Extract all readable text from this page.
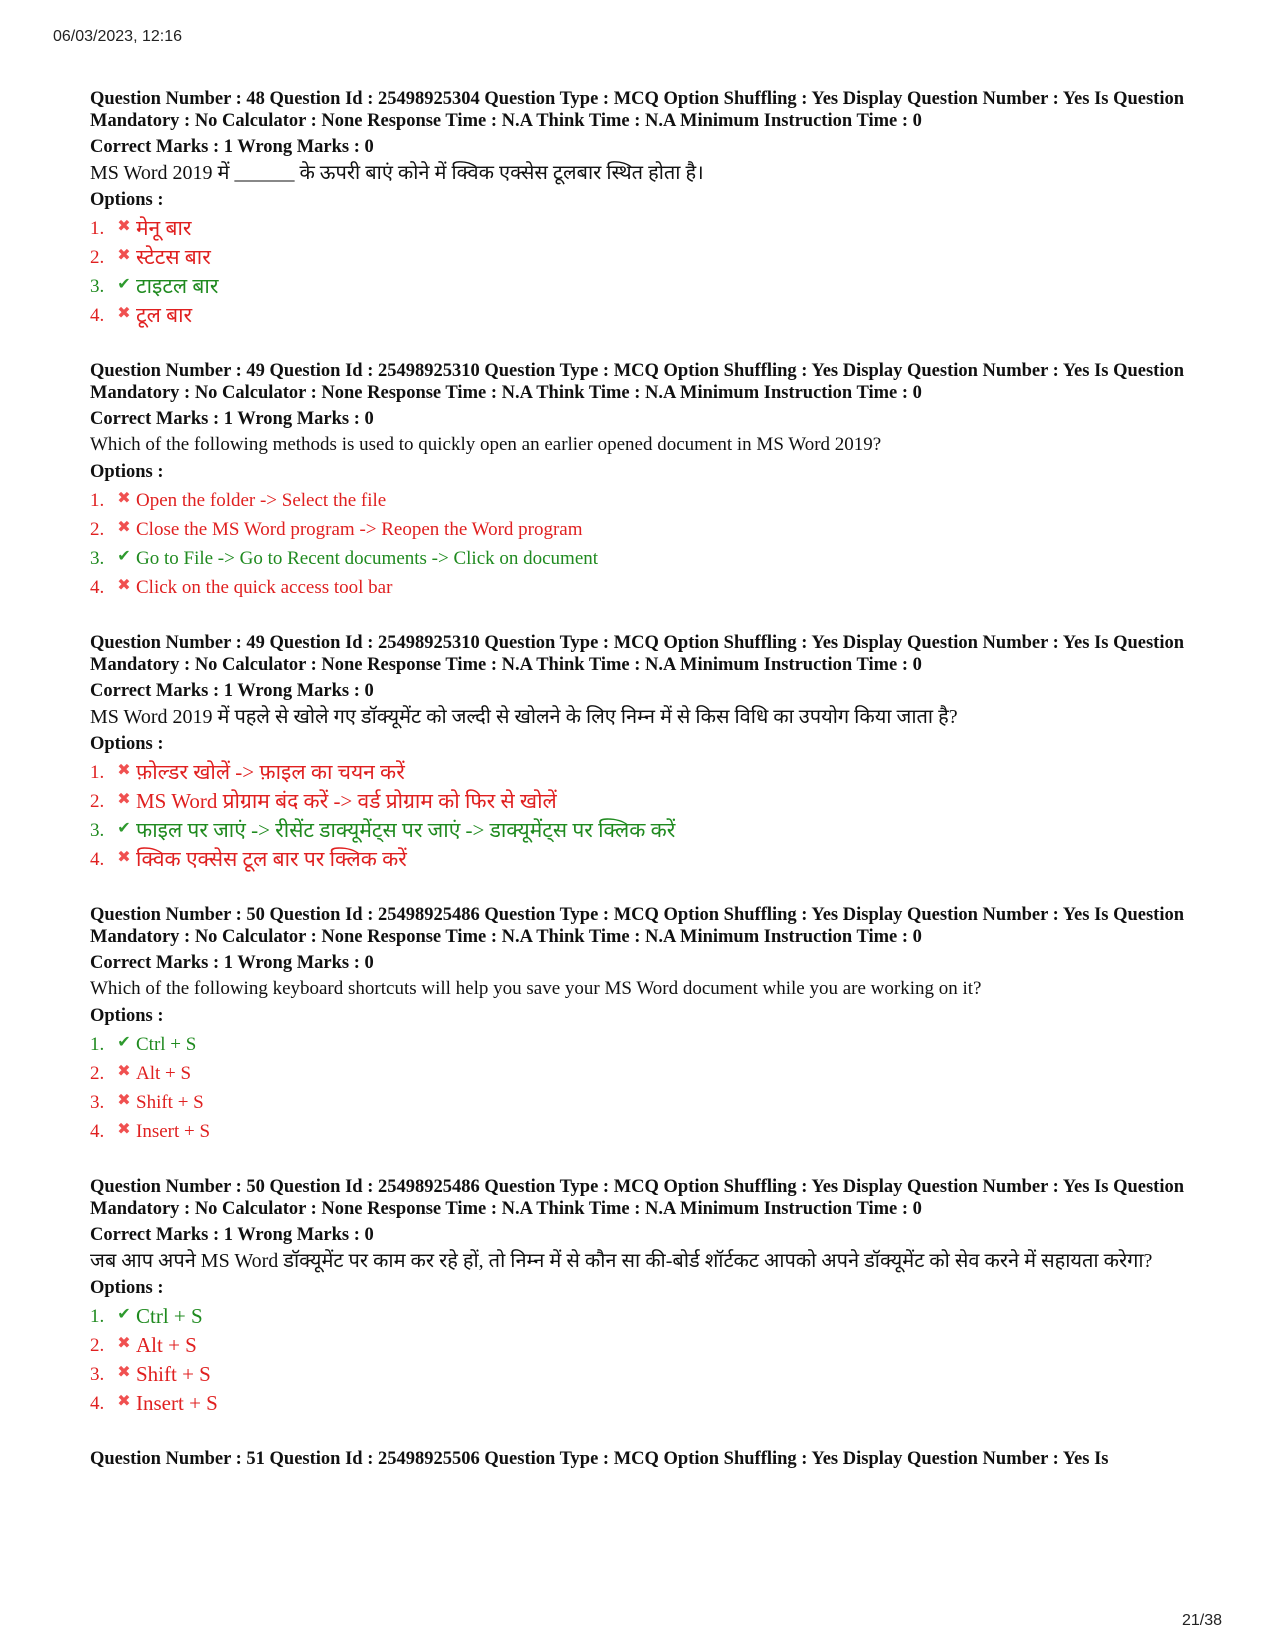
06/03/2023, 12:16
Question Number : 48 Question Id : 25498925304 Question Type : MCQ Option Shuffling : Yes Display Question Number : Yes Is Question Mandatory : No Calculator : None Response Time : N.A Think Time : N.A Minimum Instruction Time : 0
Correct Marks : 1 Wrong Marks : 0
MS Word 2019 में ______ के ऊपरी बाएं कोने में क्विक एक्सेस टूलबार स्थित होता है।
Options :
1. ✖ मेनू बार
2. ✖ स्टेटस बार
3. ✔ टाइटल बार
4. ✖ टूल बार
Question Number : 49 Question Id : 25498925310 Question Type : MCQ Option Shuffling : Yes Display Question Number : Yes Is Question Mandatory : No Calculator : None Response Time : N.A Think Time : N.A Minimum Instruction Time : 0
Correct Marks : 1 Wrong Marks : 0
Which of the following methods is used to quickly open an earlier opened document in MS Word 2019?
Options :
1. ✖ Open the folder -> Select the file
2. ✖ Close the MS Word program -> Reopen the Word program
3. ✔ Go to File -> Go to Recent documents -> Click on document
4. ✖ Click on the quick access tool bar
Question Number : 49 Question Id : 25498925310 Question Type : MCQ Option Shuffling : Yes Display Question Number : Yes Is Question Mandatory : No Calculator : None Response Time : N.A Think Time : N.A Minimum Instruction Time : 0
Correct Marks : 1 Wrong Marks : 0
MS Word 2019 में पहले से खोले गए डॉक्यूमेंट को जल्दी से खोलने के लिए निम्न में से किस विधि का उपयोग किया जाता है?
Options :
1. ✖ फ़ोल्डर खोलें -> फ़ाइल का चयन करें
2. ✖ MS Word प्रोग्राम बंद करें -> वर्ड प्रोग्राम को फिर से खोलें
3. ✔ फाइल पर जाएं -> रीसेंट डाक्यूमेंट्स पर जाएं -> डाक्यूमेंट्स पर क्लिक करें
4. ✖ क्विक एक्सेस टूल बार पर क्लिक करें
Question Number : 50 Question Id : 25498925486 Question Type : MCQ Option Shuffling : Yes Display Question Number : Yes Is Question Mandatory : No Calculator : None Response Time : N.A Think Time : N.A Minimum Instruction Time : 0
Correct Marks : 1 Wrong Marks : 0
Which of the following keyboard shortcuts will help you save your MS Word document while you are working on it?
Options :
1. ✔ Ctrl + S
2. ✖ Alt + S
3. ✖ Shift + S
4. ✖ Insert + S
Question Number : 50 Question Id : 25498925486 Question Type : MCQ Option Shuffling : Yes Display Question Number : Yes Is Question Mandatory : No Calculator : None Response Time : N.A Think Time : N.A Minimum Instruction Time : 0
Correct Marks : 1 Wrong Marks : 0
जब आप अपने MS Word डॉक्यूमेंट पर काम कर रहे हों, तो निम्न में से कौन सा की-बोर्ड शॉर्टकट आपको अपने डॉक्यूमेंट को सेव करने में सहायता करेगा?
Options :
1. ✔ Ctrl + S
2. ✖ Alt + S
3. ✖ Shift + S
4. ✖ Insert + S
Question Number : 51 Question Id : 25498925506 Question Type : MCQ Option Shuffling : Yes Display Question Number : Yes Is
21/38
